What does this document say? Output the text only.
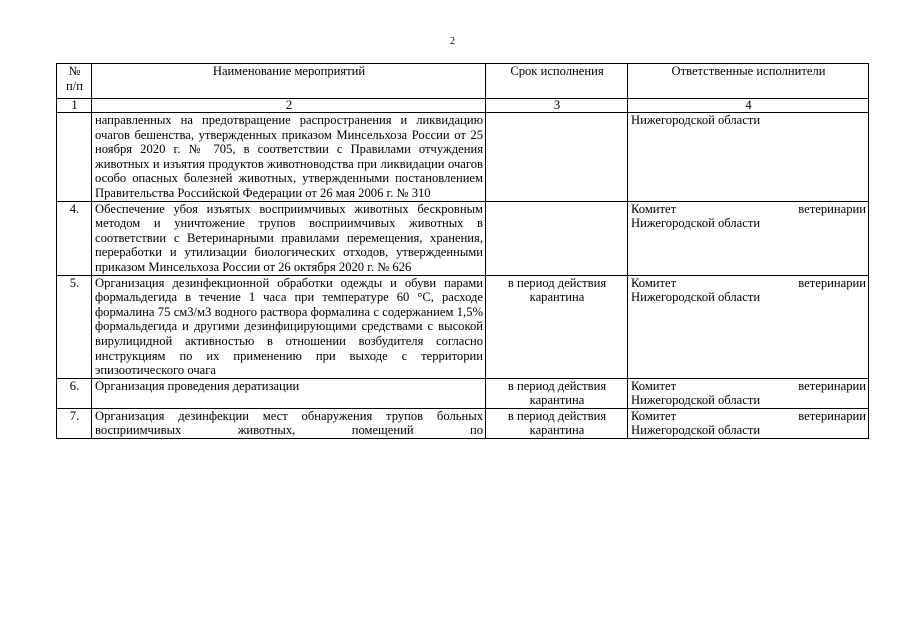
2
№
п/п	Наименование мероприятий	Срок исполнения	Ответственные исполнители
1	2	3	4
	направленных на предотвращение распространения и ликвидацию очагов бешенства, утвержденных приказом Минсельхоза России от 25 ноября 2020 г. № 705, в соответствии с Правилами отчуждения животных и изъятия продуктов животноводства при ликвидации очагов особо опасных болезней животных, утвержденными постановлением Правительства Российской Федерации от 26 мая 2006 г. № 310		Нижегородской области

4.	Обеспечение убоя изъятых восприимчивых животных бескровным методом и уничтожение трупов восприимчивых животных в соответствии с Ветеринарными правилами перемещения, хранения, переработки и утилизации биологических отходов, утвержденными приказом Минсельхоза России от 26 октября 2020 г. № 626		Комитет ветеринарии
Нижегородской области

5.	Организация дезинфекционной обработки одежды и обуви парами формальдегида в течение 1 часа при температуре 60 °С, расходе формалина 75 см3/м3 водного раствора формалина с содержанием 1,5% формальдегида и другими дезинфицирующими средствами с высокой вирулицидной активностью в отношении возбудителя согласно инструкциям по их применению при выходе с территории эпизоотического очага	в период действия карантина	Комитет ветеринарии
Нижегородской области

6.	Организация проведения дератизации	в период действия карантина	Комитет ветеринарии
Нижегородской области

7.	Организация дезинфекции мест обнаружения трупов больных восприимчивых животных, помещений по	в период действия карантина	Комитет ветеринарии
Нижегородской области
